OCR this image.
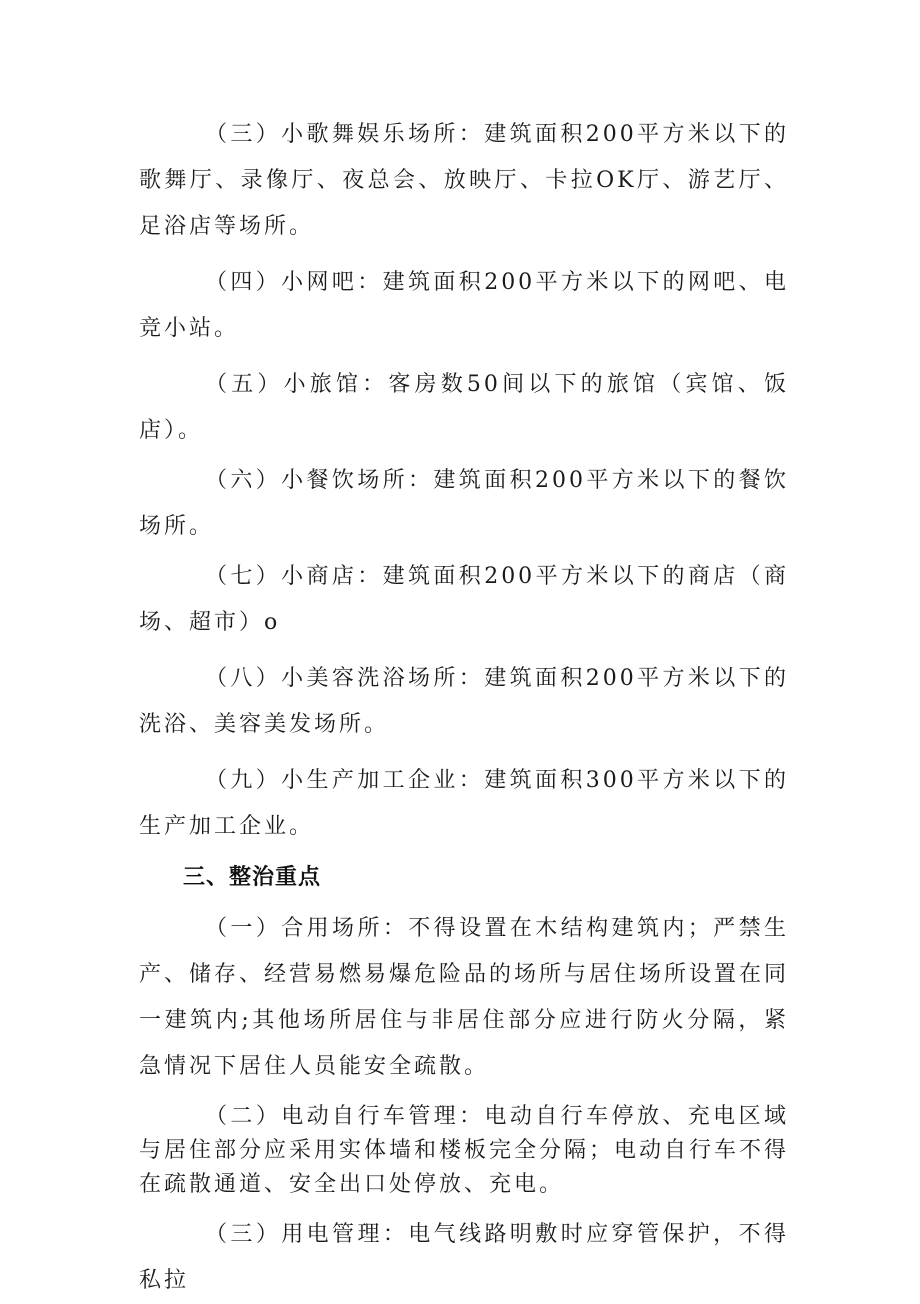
（三）小歌舞娱乐场所：建筑面积200平方米以下的歌舞厅、录像厅、夜总会、放映厅、卡拉OK厅、游艺厅、足浴店等场所。

（四）小网吧：建筑面积200平方米以下的网吧、电竞小站。

（五）小旅馆：客房数50间以下的旅馆（宾馆、饭店）。

（六）小餐饮场所：建筑面积200平方米以下的餐饮场所。

（七）小商店：建筑面积200平方米以下的商店（商场、超市）o

（八）小美容洗浴场所：建筑面积200平方米以下的洗浴、美容美发场所。

（九）小生产加工企业：建筑面积300平方米以下的生产加工企业。

三、整治重点

（一）合用场所：不得设置在木结构建筑内；严禁生产、储存、经营易燃易爆危险品的场所与居住场所设置在同一建筑内;其他场所居住与非居住部分应进行防火分隔，紧急情况下居住人员能安全疏散。

（二）电动自行车管理：电动自行车停放、充电区域与居住部分应采用实体墙和楼板完全分隔；电动自行车不得在疏散通道、安全出口处停放、充电。

（三）用电管理：电气线路明敷时应穿管保护，不得私拉
